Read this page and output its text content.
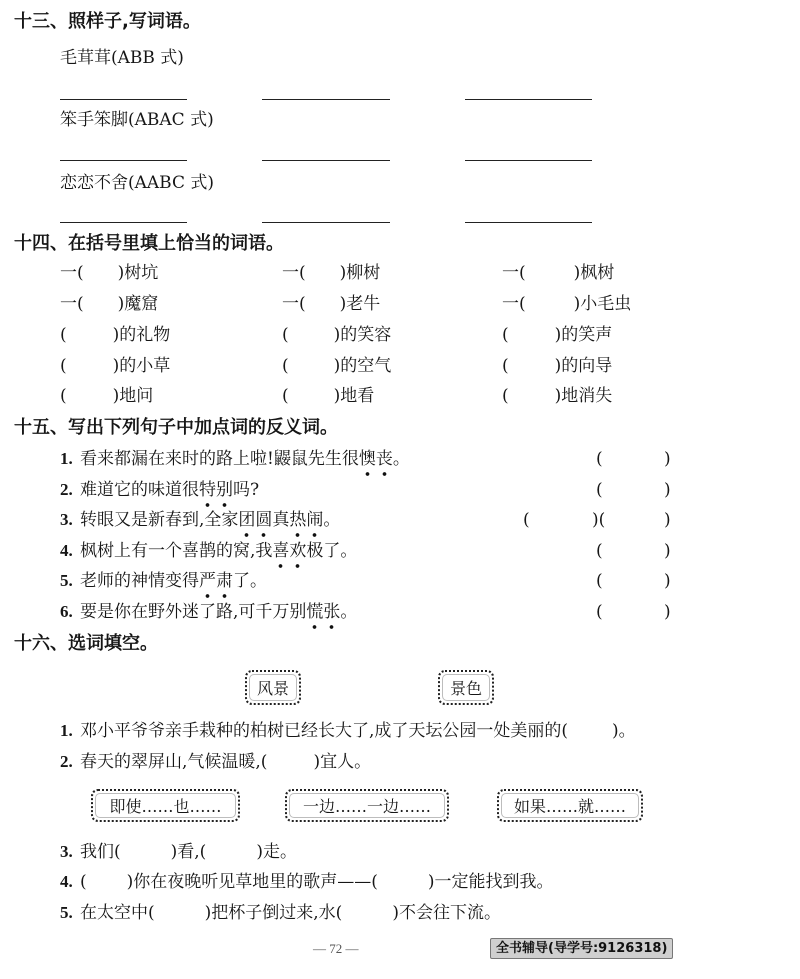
十三、照样子,写词语。
毛茸茸(ABB 式)
笨手笨脚(ABAC 式)
恋恋不舍(AABC 式)
十四、在括号里填上恰当的词语。
一( )树坑	一( )柳树	一(	)枫树
一( )魔窟	一( )老牛	一(	)小毛虫
(	)的礼物	(	)的笑容	(	)的笑声
(	)的小草	(	)的空气	(	)的向导
(	)地问	(	)地看	(	)地消失
十五、写出下列句子中加点词的反义词。
1. 看来都漏在来时的路上啦!鼹鼠先生很懊丧。	(	)
2. 难道它的味道很特别吗?	(	)
3. 转眼又是新春到,全家团圆真热闹。	(	)(	)
4. 枫树上有一个喜鹊的窝,我喜欢极了。	(	)
5. 老师的神情变得严肃了。	(	)
6. 要是你在野外迷了路,可千万别慌张。	(	)
十六、选词填空。
风景	景色
1. 邓小平爷爷亲手栽种的柏树已经长大了,成了天坛公园一处美丽的(	)。
2. 春天的翠屏山,气候温暖,(	)宜人。
即使……也……	一边……一边……	如果……就……
3. 我们(	)看,(	)走。
4. ( )你在夜晚听见草地里的歌声——(	)一定能找到我。
5. 在太空中(	)把杯子倒过来,水(	)不会往下流。
— 72 —	全书辅导(导学号:9126318)
